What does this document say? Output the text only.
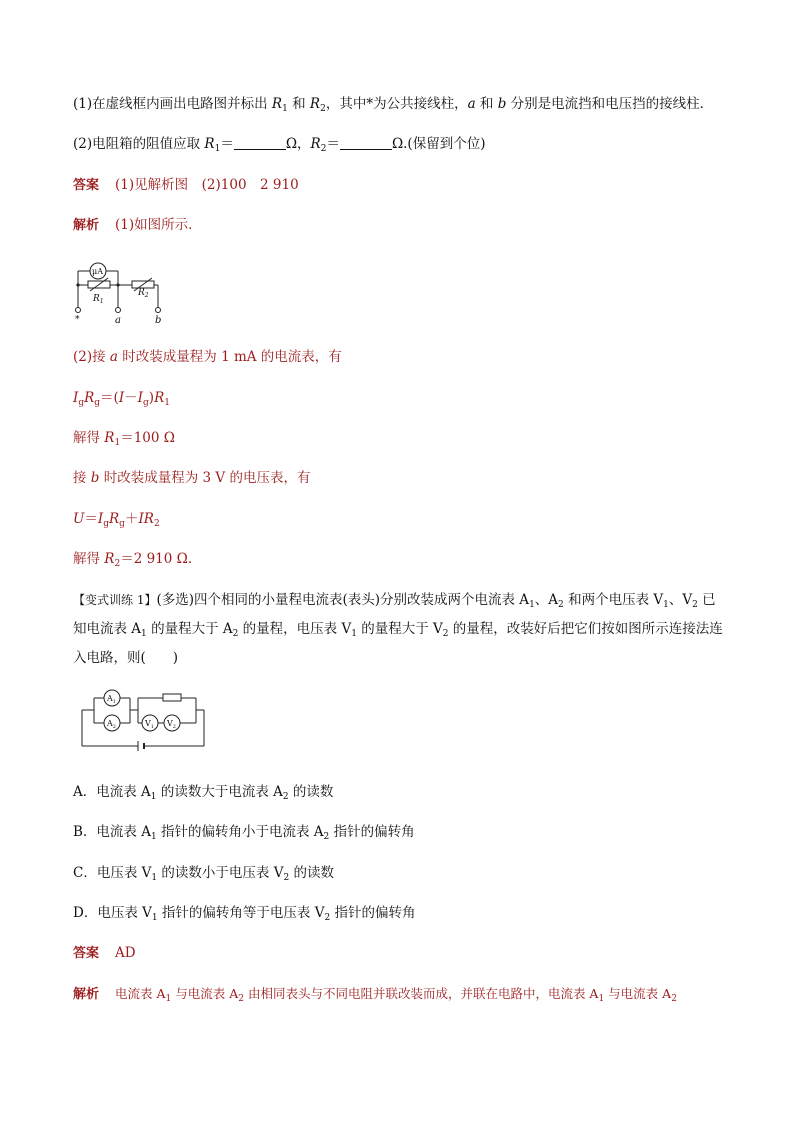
(1)在虚线框内画出电路图并标出 $R_1$ 和 $R_2$，其中*为公共接线柱，a 和 b 分别是电流挡和电压挡的接线柱．
(2)电阻箱的阻值应取 $R_1=$	Ω，$R_2=$	Ω.(保留到个位)
答案 (1)见解析图　(2)100　2 910
解析 (1)如图所示．
μA
$R_1$
$R_2$
*	a	b
(2)接 a 时改装成量程为 1 mA 的电流表，有
$I_gR_g=(I-I_g)R_1$
解得 $R_1=100$ Ω
接 b 时改装成量程为 3 V 的电压表，有
$U=I_gR_g+IR_2$
解得 $R_2=2$ 910 Ω.
【变式训练 1】(多选)四个相同的小量程电流表(表头)分别改装成两个电流表 $A_1$、$A_2$ 和两个电压表 $V_1$、$V_2$ 已
知电流表 $A_1$ 的量程大于 $A_2$ 的量程，电压表 $V_1$ 的量程大于 $V_2$ 的量程，改装好后把它们按如图所示连接法连
入电路，则(　　)
$A_1$
$A_2$	$V_1$ $V_2$
A．电流表 $A_1$ 的读数大于电流表 $A_2$ 的读数
B．电流表 $A_1$ 指针的偏转角小于电流表 $A_2$ 指针的偏转角
C．电压表 $V_1$ 的读数小于电压表 $V_2$ 的读数
D．电压表 $V_1$ 指针的偏转角等于电压表 $V_2$ 指针的偏转角
答案 AD
解析 电流表 $A_1$ 与电流表 $A_2$ 由相同表头与不同电阻并联改装而成，并联在电路中，电流表 $A_1$ 与电流表 $A_2$
